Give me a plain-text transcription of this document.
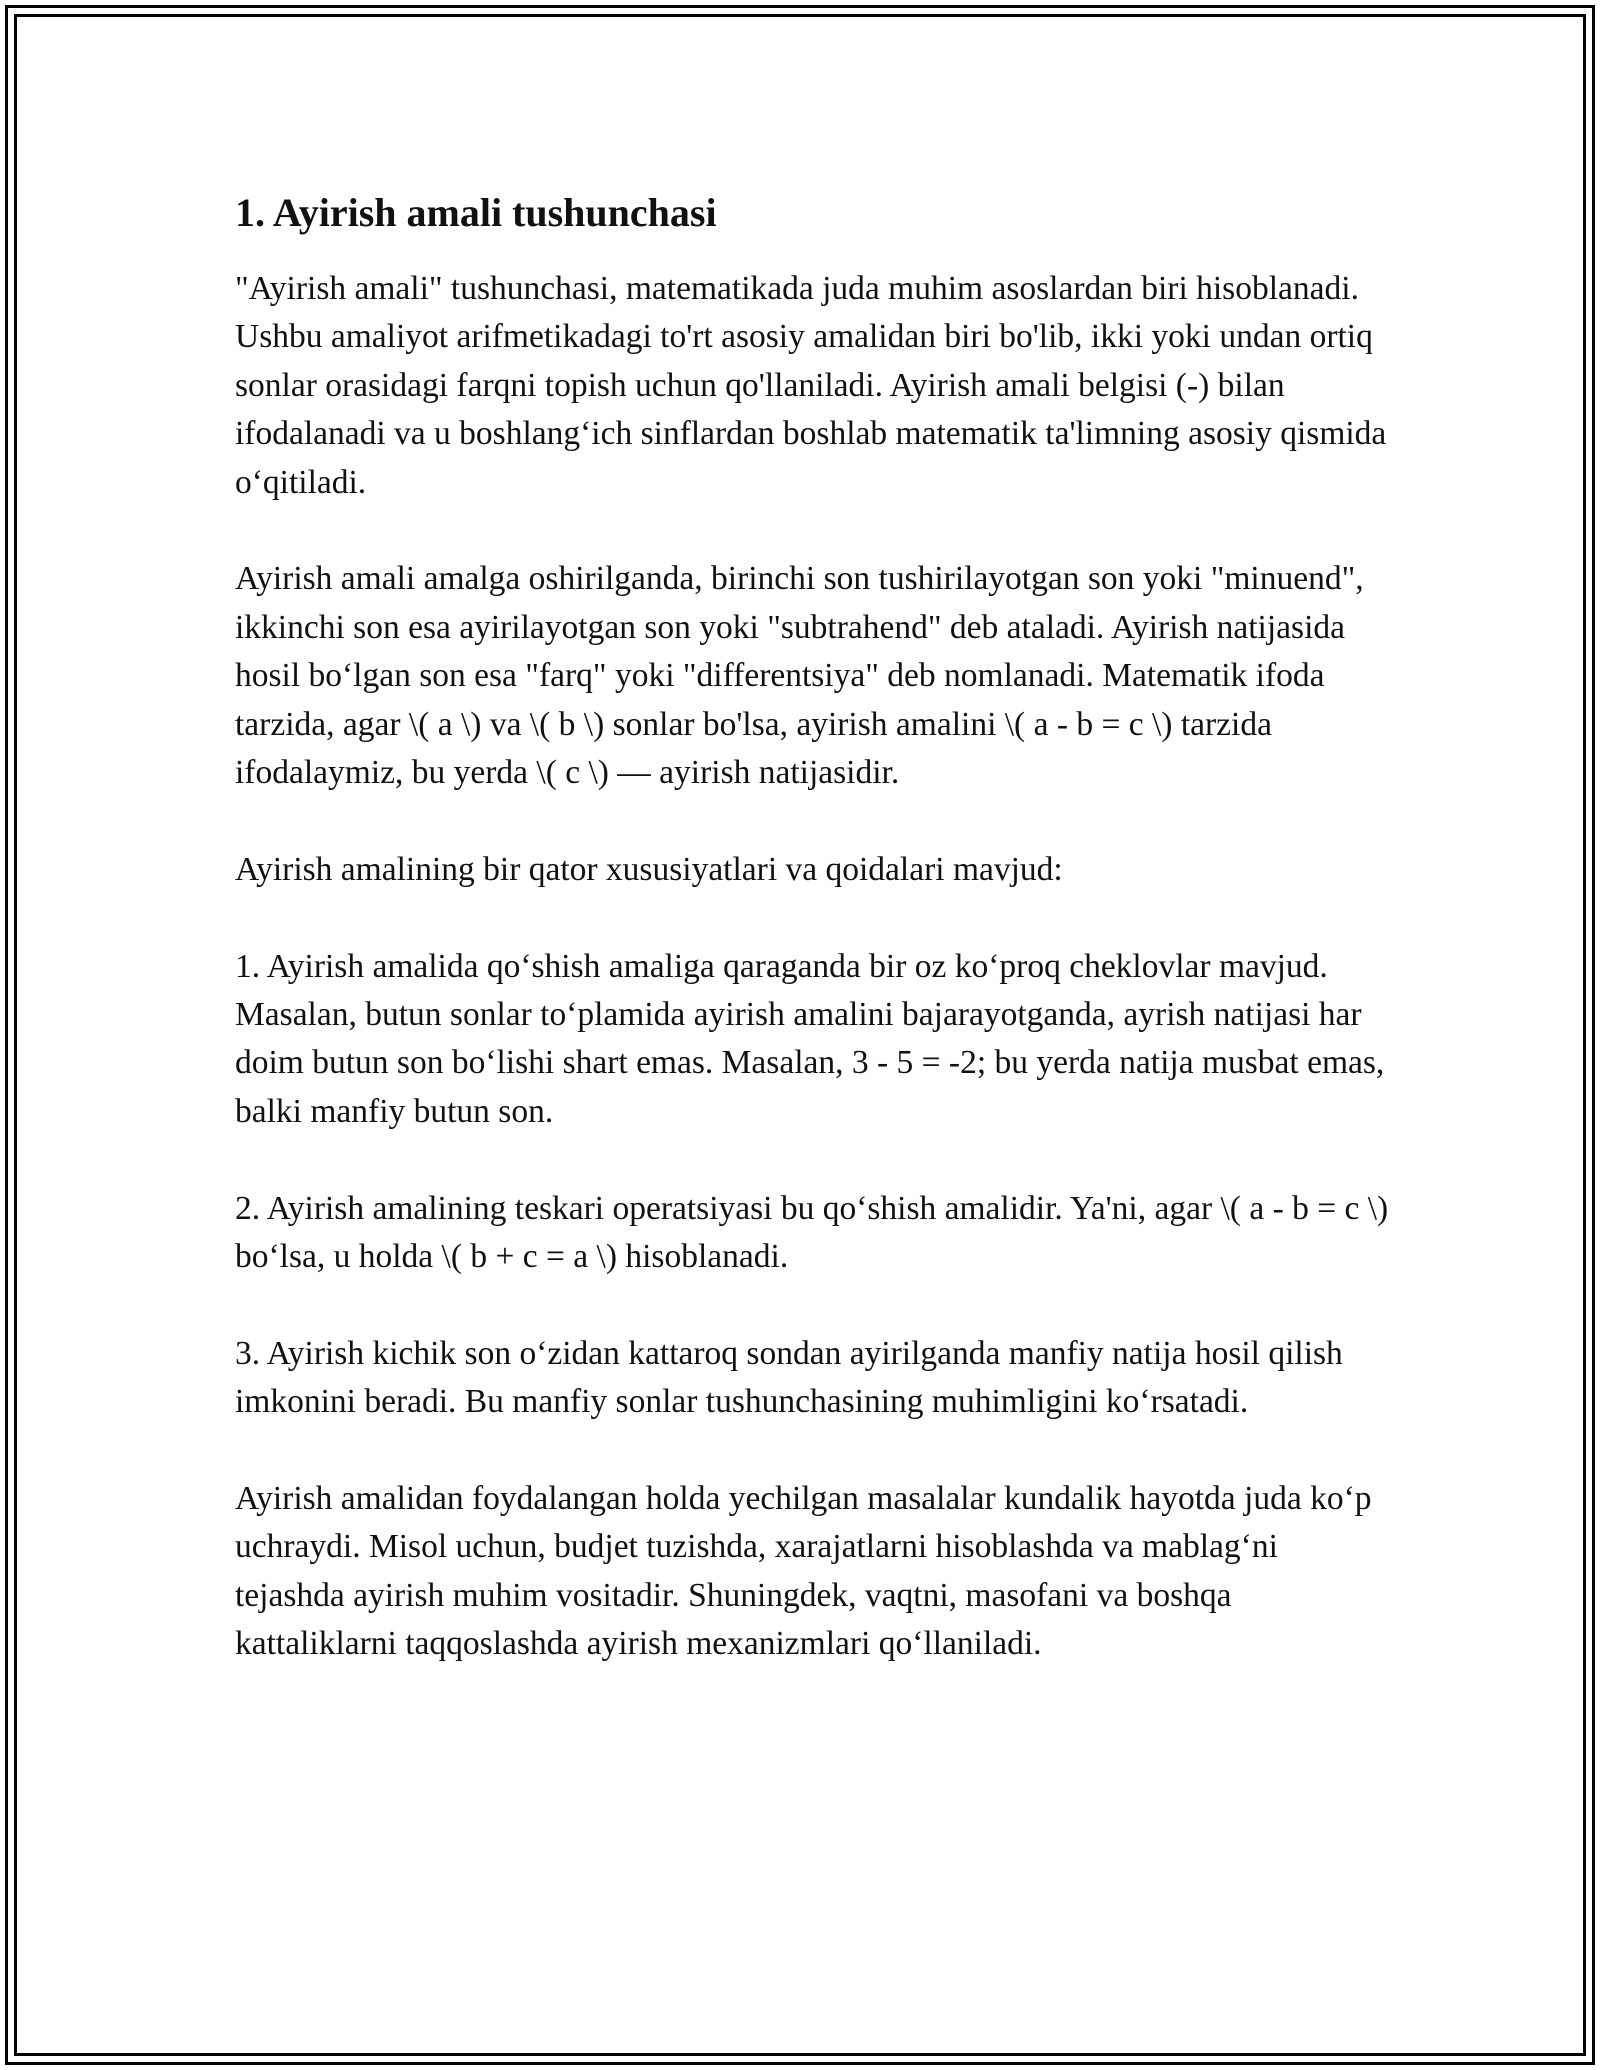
1. Ayirish amali tushunchasi

"Ayirish amali" tushunchasi, matematikada juda muhim asoslardan biri hisoblanadi. Ushbu amaliyot arifmetikadagi to'rt asosiy amalidan biri bo'lib, ikki yoki undan ortiq sonlar orasidagi farqni topish uchun qo'llaniladi. Ayirish amali belgisi (-) bilan ifodalanadi va u boshlang‘ich sinflardan boshlab matematik ta'limning asosiy qismida o‘qitiladi.

Ayirish amali amalga oshirilganda, birinchi son tushirilayotgan son yoki "minuend", ikkinchi son esa ayirilayotgan son yoki "subtrahend" deb ataladi. Ayirish natijasida hosil bo‘lgan son esa "farq" yoki "differentsiya" deb nomlanadi. Matematik ifoda tarzida, agar \( a \) va \( b \) sonlar bo'lsa, ayirish amalini \( a - b = c \) tarzida ifodalaymiz, bu yerda \( c \) — ayirish natijasidir.

Ayirish amalining bir qator xususiyatlari va qoidalari mavjud:

1. Ayirish amalida qo‘shish amaliga qaraganda bir oz ko‘proq cheklovlar mavjud. Masalan, butun sonlar to‘plamida ayirish amalini bajarayotganda, ayrish natijasi har doim butun son bo‘lishi shart emas. Masalan, 3 - 5 = -2; bu yerda natija musbat emas, balki manfiy butun son.

2. Ayirish amalining teskari operatsiyasi bu qo‘shish amalidir. Ya'ni, agar \( a - b = c \) bo‘lsa, u holda \( b + c = a \) hisoblanadi.

3. Ayirish kichik son o‘zidan kattaroq sondan ayirilganda manfiy natija hosil qilish imkonini beradi. Bu manfiy sonlar tushunchasining muhimligini ko‘rsatadi.

Ayirish amalidan foydalangan holda yechilgan masalalar kundalik hayotda juda ko‘p uchraydi. Misol uchun, budjet tuzishda, xarajatlarni hisoblashda va mablag‘ni tejashda ayirish muhim vositadir. Shuningdek, vaqtni, masofani va boshqa kattaliklarni taqqoslashda ayirish mexanizmlari qo‘llaniladi.
